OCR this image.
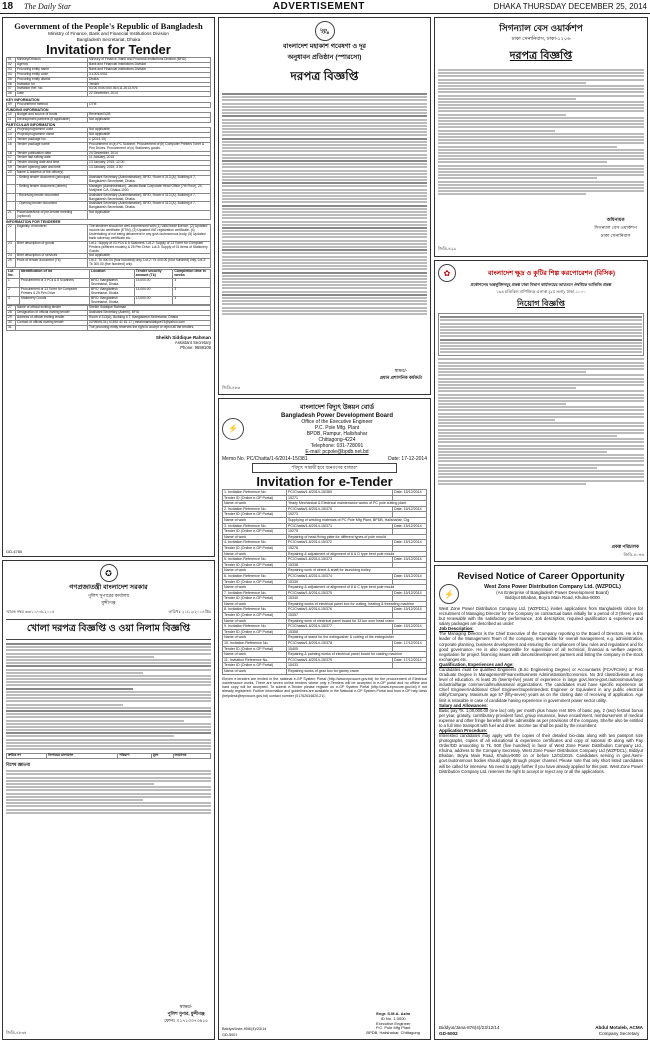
18	The Daily Star	ADVERTISEMENT	DHAKA THURSDAY DECEMBER 25, 2014
Government of the People's Republic of Bangladesh
Ministry of Finance, Bank and Financial Institutions Division
Bangladesh Secretariat, Dhaka
Invitation for Tender
01	Ministry/Division	Ministry of Finance, Bank and Financial Institutions Division (BFID)
02	Agency	Bank and Financial Institutions Division
03	Procuring entity name	Bank and Financial Institutions Division
04	Procuring entity code	3-1001-0001
05	Procuring entity district	Dhaka
06	Invitation for	Tender
07	Invitation Ref. No.	53.00.0000.000.06.011.2013-976
08	Date	22 December, 2014
KEY INFORMATION
09	Procurement method	OTM
FUNDING INFORMATION
10	Budget and source of funds	Revenue/GOB
11	Development partners (if applicable)	Not applicable
PARTICULAR INFORMATION
12	Project/programme code	Not applicable
13	Project/programme name	Not applicable
14	Tender package No.	1 (2014-15)
15	Tender package name	Procurement of (a) PC Scanner. Procurement of (b) Computer Printers Toner & Pen Drives. Procurement of (c) Stationery goods.
16	Tender publication date	24 December, 2014
17	Tender last selling date	11 January, 2015
18	Tender closing date and time	13 January, 2015, 12.00
19	Tender opening date and time	13 January, 2015, 3.00
20	Name & address of the office(s)	
	- Selling tender document (principal)	Assistant Secretary (Administration), BFID, Room # 313 (A), Building # 7, Bangladesh Secretariat, Dhaka.
	- Selling tender document (others)	Manager (Administration), Janata Bank Corporate Head Office (7th Floor), 24, Motijheel C/A, Dhaka-1000.
	- Receiving tender document	Assistant Secretary (Administration), BFID, Room # 313 (A), Building # 7, Bangladesh Secretariat, Dhaka.
	- Opening tender document	Assistant Secretary (Administration), BFID, Room # 313 (A), Building # 7, Bangladesh Secretariat, Dhaka.
21	Place/date/time of pre-tender meeting (optional)	Not applicable
INFORMATION FOR TENDERER
22	Eligibility of tenderer	The tenderer should be well-experienced with (1) Valid trade licence, (2) Updated income tax certificate (ETIN), (3) Updated VAT registration certificate, (4) Undertaking of not being debarment in any govt./autonomous body, (5) Updated bank solvency certificate etc.
23	Brief description of goods	Lot-1: Supply of 03 PCs & 8 Scanners. Lot-2: Supply of 13 Toner for Computer Printers (different models) & 25 Pen Drive. Lot-3: Supply of 01 items of Stationery Goods.
24	Brief description of services	Not applicable
25	Price of tender document (Tk)	Lot-1: Tk 400.00 (four hundred) only, Lot-2: Tk 400.00 (four hundred) only, Lot-3: Tk 300.00 (five hundred) only.
Lot No.	Identification of lot	Location	Tender security amount (Tk)	Completion time in weeks
1	Procurement of 3 PCs & 8 Scanners	BFID, Bangladesh Secretariat, Dhaka	15,000.00	3
2	Procurement of 13 Toner for Computer Printers & 25 Pen Drive	BFID, Bangladesh Secretariat, Dhaka	14,000.00	3
3	Stationery Goods	BFID, Bangladesh Secretariat, Dhaka	13,000.00	3
27	Name of official inviting tender	Sheikh Siddique Rahman
28	Designation of official inviting tender	Assistant Secretary (Admin), BFID
29	Address of official inviting tender	Room # 313(A), Building # 7, Bangladesh Secretariat, Dhaka
30	Contact of official inviting tender	02/9559134 | 01552 41 81 17 | mlrahmansiddique75@yahoo.com
31		The procuring entity reserves the right to accept or reject all the tenders.
Sheikh Siddique Rahman
Assistant Secretary
Phone: 9559109
GD-4780
✪
গণপ্রজাতন্ত্রী বাংলাদেশ সরকার
পুলিশ সুপারের কার্যালয়
মুন্সীগঞ্জ
স্মারক নম্বর ৬৩/১০/০৬-২০১৪	তারিখঃ ২১/১২/২০১৪খ্রিঃ
খোলা দরপত্র বিজ্ঞপ্তি ও ওয়া নিলাম বিজ্ঞপ্তি
ক্রমিক নং	নিলামের মালামাল	পরিমাণ	মূল্য	জামানত
বিশেষ জ্ঞাতব্য
স্বাক্ষর/-
পুলিশ সুপার, মুন্সীগঞ্জ
ফোনঃ ০১৭১৩৩৭৩৯১৫
জিডি-৪৮৩৪
🛰
বাংলাদেশ মহাকাশ গবেষণা ও দূর
অনুধাবন প্রতিষ্ঠান (স্পারসো)
দরপত্র বিজ্ঞপ্তি
স্বাক্ষর/-
প্রধান প্রশাসনিক কর্মকর্তা
জিডি-৪৮৬
⚡
বাংলাদেশ বিদ্যুৎ উন্নয়ন বোর্ড
Bangladesh Power Development Board
Office of the Executive Engineer
P.C. Pole Mfg. Plant
BPDB, Rampur, Halishahar
Chittagong-4224
Telephone: 031-728091
E-mail: pcpole@bpdb.net.bd
Memo No. PC/Chatta/1-6/2014-15/381	Date: 17-12-2014
"বিদ্যুৎ সাশ্রয়ী হবে জনগণের বাজার"
Invitation for e-Tender
1. Invitation Reference No.	PC/Chatta/1-6/2014-15/369	Date: 15/12/2014
Tender ID (Online e-GP Portal)	15271	
Name of work	Yearly Mechanical & Electrical maintenance works of PC pole cutting plant	
2. Invitation Reference No.	PC/Chatta/1-6/2014-15/370	Date: 15/12/2014
Tender ID (Online e-GP Portal)	15273	
Name of work	Supplying of welding materials of PC Pole Mfg Plant, BPDB, Halishahar, Ctg.	
3. Invitation Reference No.	PC/Chatta/1-6/2014-15/371	Date: 15/12/2014
Tender ID (Online e-GP Portal)	15275	
Name of work	Repairing of head fixing plate for different types of pole mould	
4. Invitation Reference No.	PC/Chatta/1-6/2014-15/372	Date: 15/12/2014
Tender ID (Online e-GP Portal)	15276	
Name of work	Repairing & adjustment of alignment of 8 & D type bent pole mould	
5. Invitation Reference No.	PC/Chatta/1-6/2014-15/373	Date: 15/12/2014
Tender ID (Online e-GP Portal)	15338	
Name of work	Repairing work of wheel & shaft for launching trolley	
6. Invitation Reference No.	PC/Chatta/1-6/2014-15/374	Date: 15/12/2014
Tender ID (Online e-GP Portal)	15339	
Name of work	Repairing & adjustment of alignment of 8 & C type bent pole mould	
7. Invitation Reference No.	PC/Chatta/1-6/2014-15/375	Date: 15/12/2014
Tender ID (Online e-GP Portal)	15340	
Name of work	Repairing works of electrical panel box for cutting, heating & threading machine	
8. Invitation Reference No.	PC/Chatta/1-6/2014-15/376	Date: 15/12/2014
Tender ID (Online e-GP Portal)	15357	
Name of work	Repairing work of electrical panel board for 33 ton over head crane	
9. Invitation Reference No.	PC/Chatta/1-6/2014-15/377	Date: 15/12/2014
Tender ID (Online e-GP Portal)	15358	
Name of work	Repairing of stand for the extinguisher & cutting of the extinguisher	
10. Invitation Reference No.	PC/Chatta/1-6/2014-15/378	Date: 17/12/2014
Tender ID (Online e-GP Portal)	15405	
Name of work	Repairing & painting works of electrical panel board for casting machine	
11. Invitation Reference No.	PC/Chatta/1-6/2014-15/379	Date: 17/12/2014
Tender ID (Online e-GP Portal)	15433	
Name of work	Repairing works of gear box for gantry crane	
Eleven e-tenders are invited in the national e-GP System Portal (http://www.eprocure.gov.bd) for the procurement of Electrical maintenance works. There are seven online tenders where only e-Tenders will be accepted in e-GP portal and no offline and hard copy will be accepted. To submit e-Tender please register on e-GP System Portal (http://www.eprocure.gov.bd) if not already registered. Further information and guidelines are available in the National e-GP System Portal and from e-GP help desk (helpdesk@eprocure.gov.bd) contact number (01762634820-21).
Engr. S.M.A. Azim
ID No. 1-0000
Executive Engineer
P.C. Pole Mfg Plant
BPDB, Halishahar, Chittagong
Baldya/Uste-906/(4)/23/14
GD-5001
সিগন্যাল বেস ওয়ার্কশপ
ঢাকা সেনানিবাস, ঢাকা-১২০৬
দরপত্র বিজ্ঞপ্তি
অধিনায়ক
সিগন্যাল বেস ওয়ার্কশপ
ঢাকা সেনানিবাস
জিডি-৪২৯
✿	বাংলাদেশ ক্ষুদ্র ও কুটির শিল্প করপোরেশন (বিসিক)
প্রকৌশলের অন্তর্ভুক্তিসমূহ প্রকল্প ঢাকা বিভাগ কার্যালয়ের আয়তনে ঔষধিকে আভিজি প্রকল্প
১৬৪ মতিঝিল বাণিজ্যিক এলাকা (২য় তলা), ঢাকা-১০০০
নিয়োগ বিজ্ঞপ্তি
প্রকল্প পরিচালক
জিডি-৪০৪৬
Revised Notice of Career Opportunity
⚡
West Zone Power Distribution Company Ltd. (WZPDCL)
(An Enterprise of Bangladesh Power Development Board)
Biddyut Bhaban, Boyra Main Road, Khulna-9000
West Zone Power Distribution Company Ltd. (WZPDCL) invites applications from Bangladeshi citizen for recruitment of Managing Director for the Company on contractual basis initially for a period of 3 (three) years but renewable with the satisfactory performance, Job description, required qualification & experience and salary packages are described as under:
Job Description:
The Managing Director is the Chief Executive of the Company reporting to the Board of Directors. He is the leader of the Management Team of the company, responsible for overall management, e.g. administration, corporate planning, business development and ensuring the compliances of law, rules and regulations and for good governance. He is also responsible for supervision of all technical, financial & welfare aspects, negotiation for project financing issues with donors/development partners and listing the company in the stock exchanges etc.
Qualification, Experiences and Age:
Candidates must be qualified Engineers (B.Sc Engineering Degree) or Accountants (FCA/FCMA) or Post Graduate Degree in Management/Finance/Business Administration/Economics. No 3rd class/division at any level of education. At least 25 (twenty-five) years of experience in large govt./semi-govt./autonomous/large industrial/large commercial/multinational organizations. The candidates must have specific experience as Chief Engineer/Additional Chief Engineer/Superintendent Engineer or Equivalent in any public electrical utility/Company. Maximum age 57 (fifty-seven) years as on the closing date of receiving of application. Age limit is relaxable in case of candidate having experience in government power sector utility.
Salary and Allowances:
Basic pay Tk. 1,00,000.00 (one lac) only per month plus house rent 50% of basic pay, 2 (two) festival bonus per year, gratuity, contributory provident fund, group insurance, leave encashment, reimbursement of medical expense and other fringe benefits will be admissible as per provisions of the company. She/he also be entitled to a full time transport with fuel and driver. Income tax shall be paid by the incumbent.
Application Procedure:
Interested candidates may apply with the copies of their detailed bio-data along with two passport size photographs, copies of all educational & experience certificates and copy of national ID along with Pay Order/DD amounting to Tk. 500 (five hundred) in favor of West Zone Power Distribution Company Ltd., Khulna, address to the Company Secretary, West Zone Power Distribution Company Ltd (WZPDCL), Biddyut Bhaban, Boyra Main Road, Khulna-9000 on or before 12/01/2015. Candidates serving in govt./semi-govt./autonomous bodies should apply through proper channel. Please note that only short listed candidates will be called for interview. No need to apply further if you have already applied for this post. West Zone Power Distribution Company Ltd. reserves the right to accept or reject any or all the applications.
Biddyut/Jana-876(4)/23/12/14
GD-5002
Abdul Motaleb, ACMA
Company Secretary
